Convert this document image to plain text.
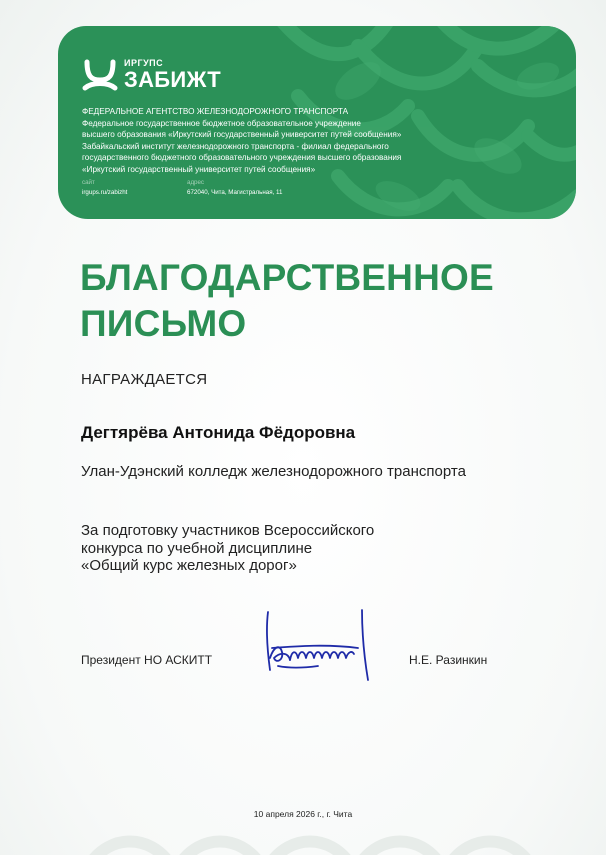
ИРГУПС
ЗАБИЖТ
ФЕДЕРАЛЬНОЕ АГЕНТСТВО ЖЕЛЕЗНОДОРОЖНОГО ТРАНСПОРТА
Федеральное государственное бюджетное образовательное учреждение
высшего образования «Иркутский государственный университет путей сообщения»
Забайкальский институт железнодорожного транспорта - филиал федерального
государственного бюджетного образовательного учреждения высшего образования
«Иркутский государственный университет путей сообщения»
сайт
irgups.ru/zabizht
адрес
672040, Чита, Магистральная, 11
БЛАГОДАРСТВЕННОЕ
ПИСЬМО
НАГРАЖДАЕТСЯ
Дегтярёва Антонида Фёдоровна
Улан-Удэнский колледж железнодорожного транспорта
За подготовку участников Всероссийского
конкурса по учебной дисциплине
«Общий курс железных дорог»
Президент НО АСКИТТ	Н.Е. Разинкин
10 апреля 2026 г., г. Чита
